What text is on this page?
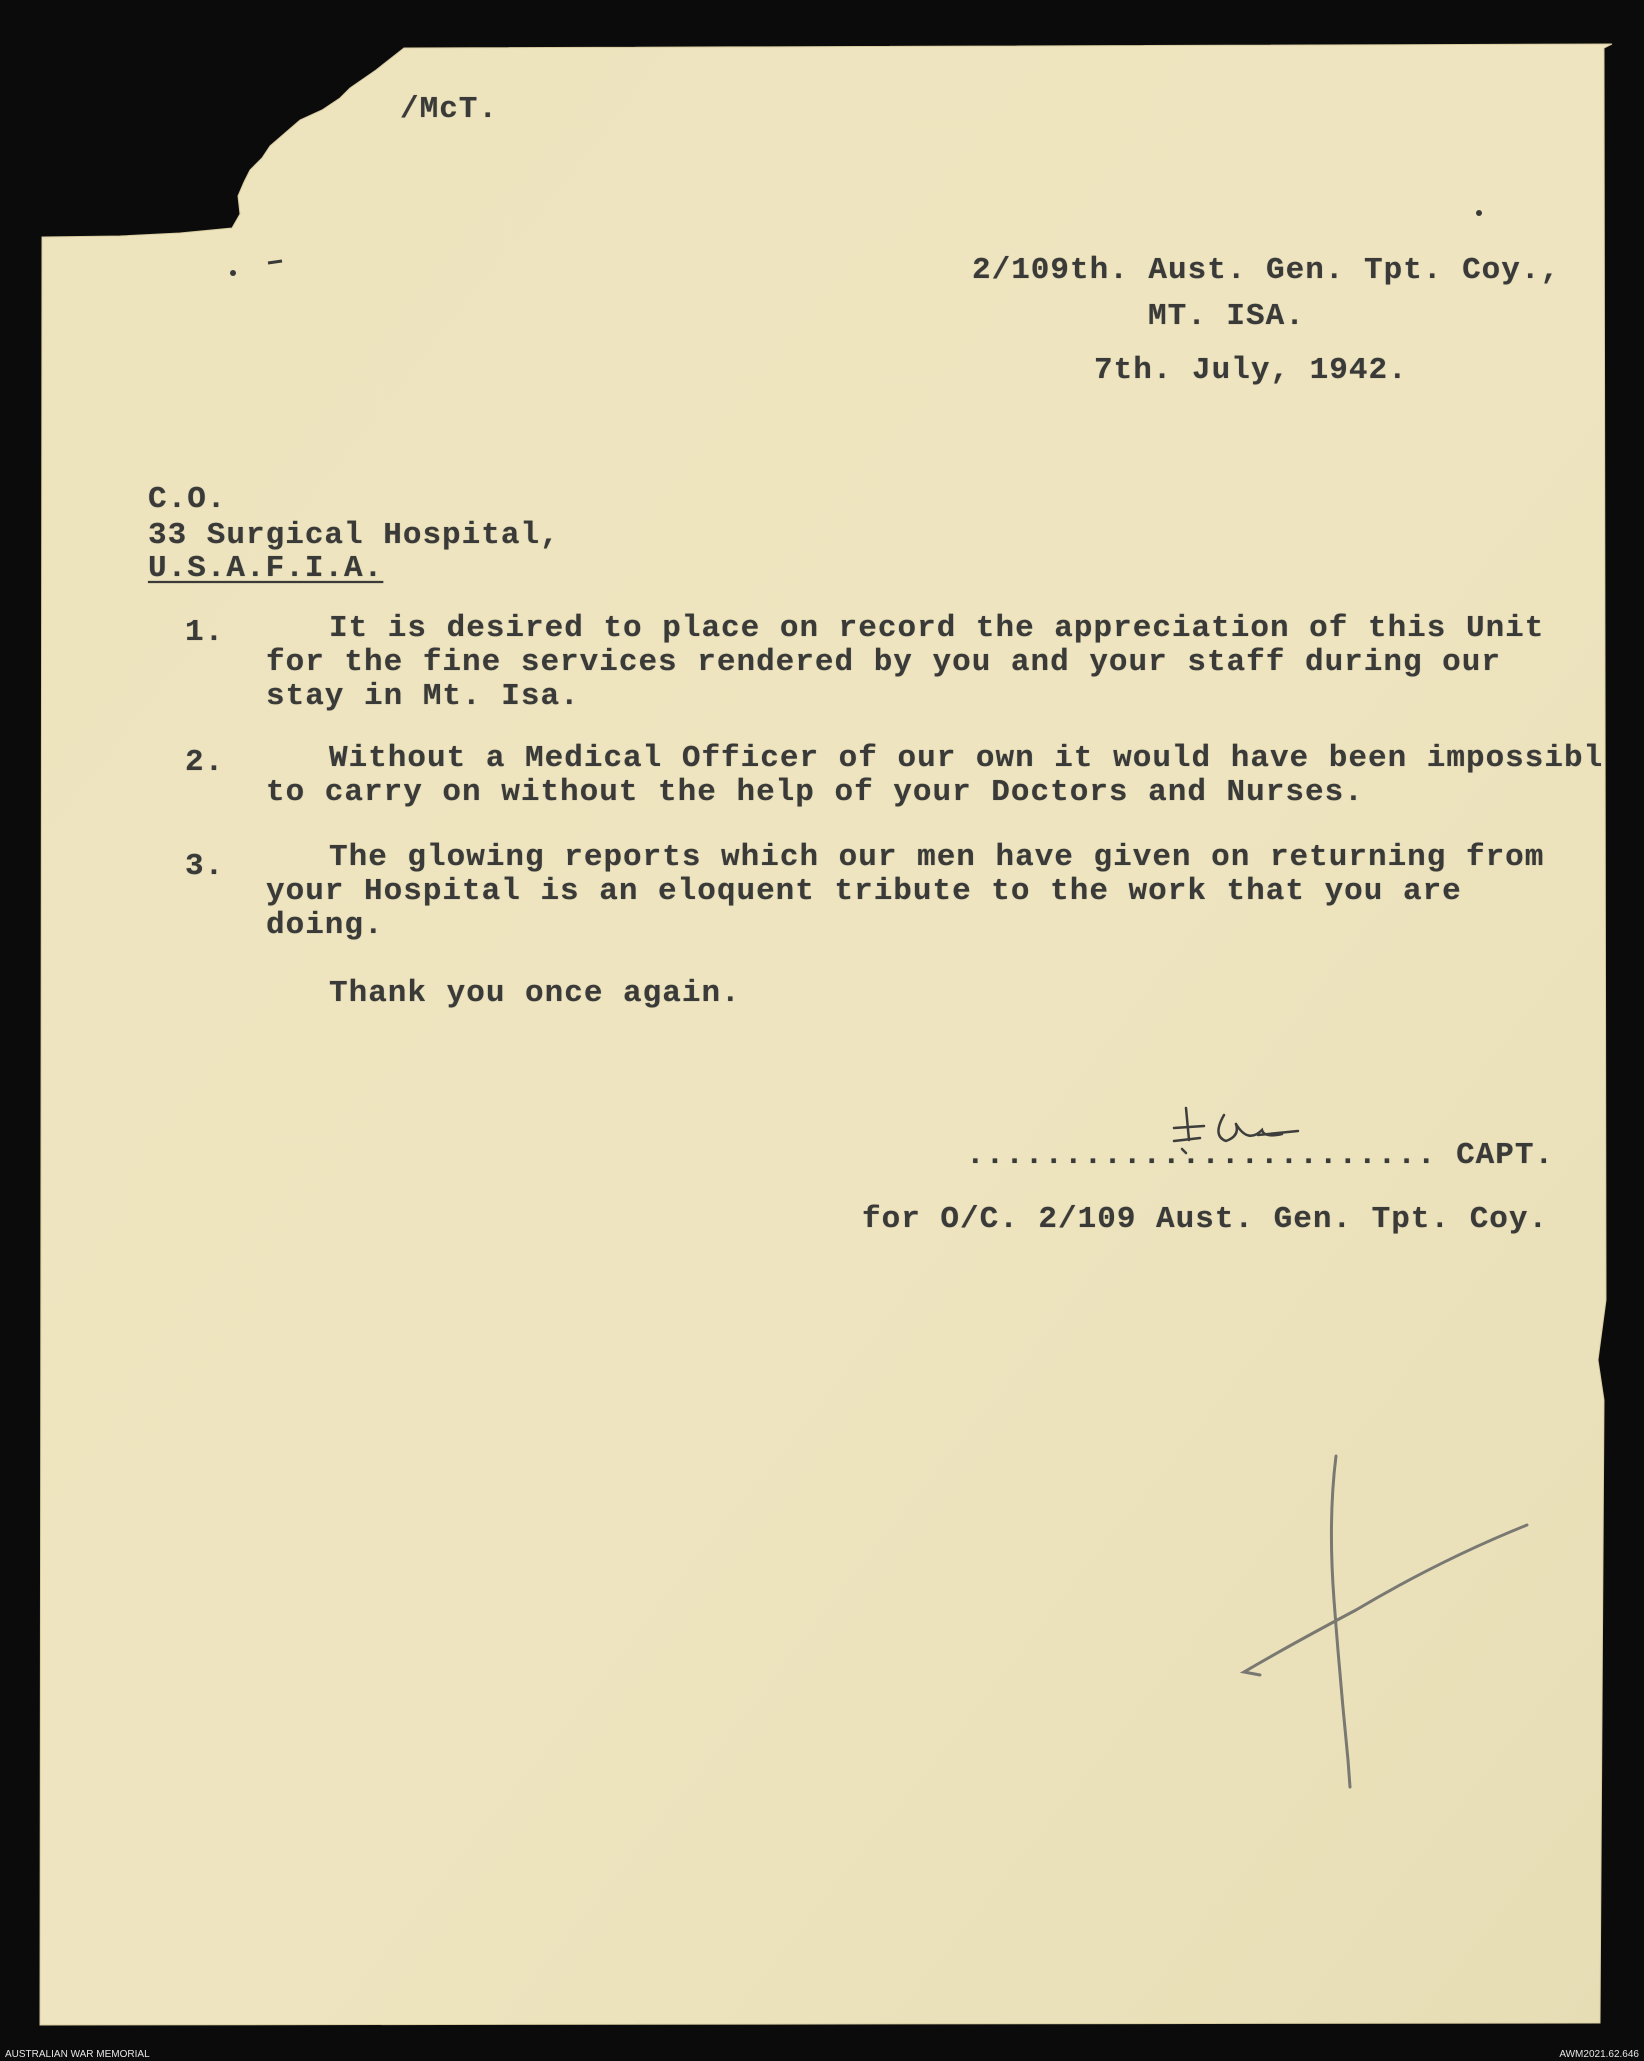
/McT.

2/109th. Aust. Gen. Tpt. Coy.,

MT. ISA.

7th. July, 1942.

C.O.

33 Surgical Hospital,

U.S.A.F.I.A.

1.	It is desired to place on record the appreciation of this Unit
for the fine services rendered by you and your staff during our
stay in Mt. Isa.
2.	Without a Medical Officer of our own it would have been impossibl
to carry on without the help of your Doctors and Nurses.
3.	The glowing reports which our men have given on returning from
your Hospital is an eloquent tribute to the work that you are
doing.

Thank you once again.

........................ CAPT.

for O/C. 2/109 Aust. Gen. Tpt. Coy.

AUSTRALIAN WAR MEMORIAL	AWM2021.62.646
